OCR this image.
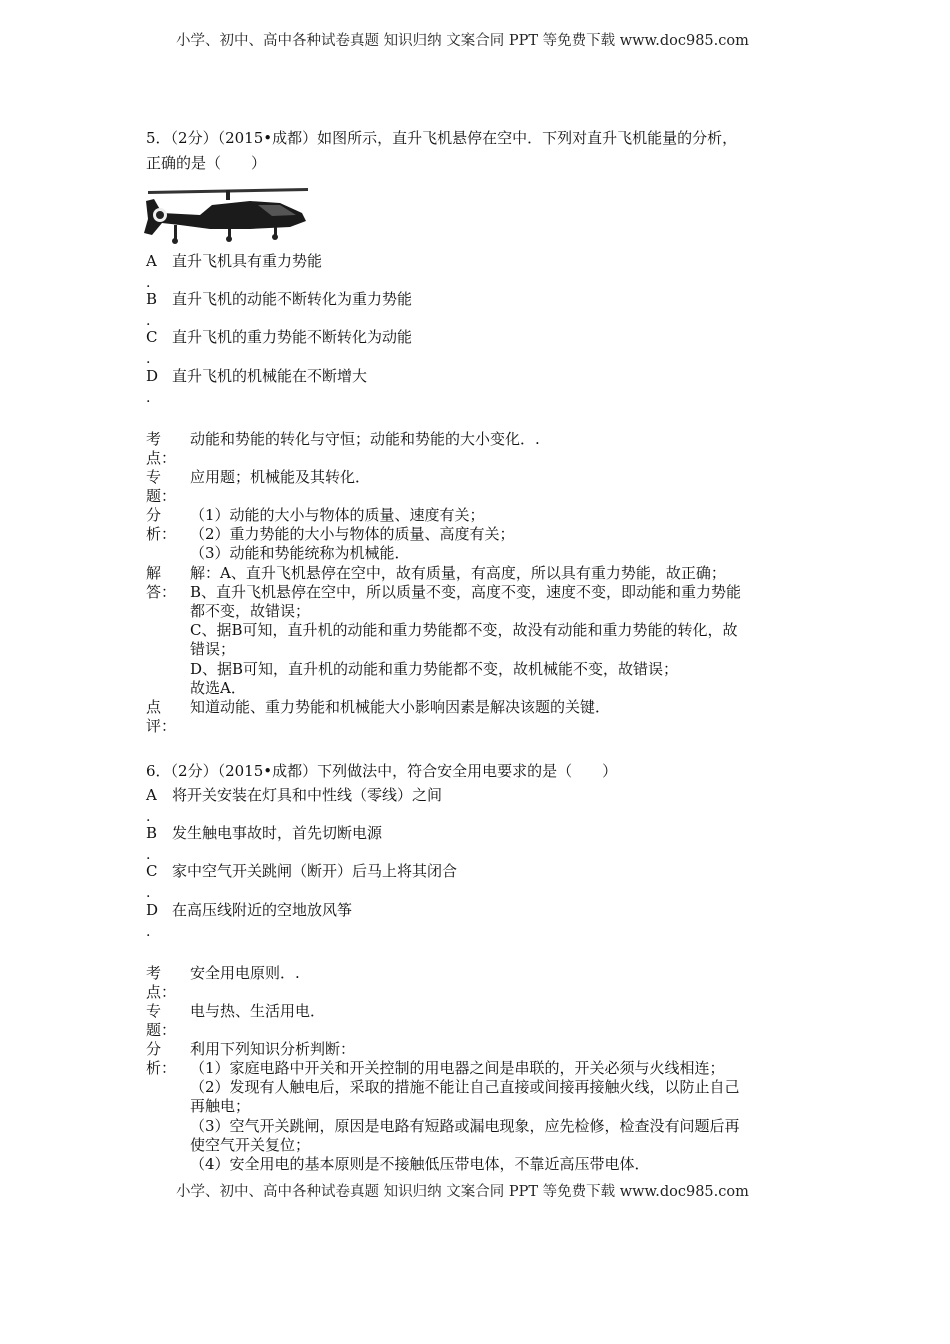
小学、初中、高中各种试卷真题 知识归纳 文案合同 PPT 等免费下载 www.doc985.com
5．（2分）（2015•成都）如图所示，直升飞机悬停在空中．下列对直升飞机能量的分析，
正确的是（　　）
A 直升飞机具有重力势能
.
B 直升飞机的动能不断转化为重力势能
.
C 直升飞机的重力势能不断转化为动能
.
D 直升飞机的机械能在不断增大
.
考
点：
动能和势能的转化与守恒；动能和势能的大小变化．.
专
题：
应用题；机械能及其转化．
分
析：
（1）动能的大小与物体的质量、速度有关；
（2）重力势能的大小与物体的质量、高度有关；
（3）动能和势能统称为机械能．
解
答：
解：A、直升飞机悬停在空中，故有质量，有高度，所以具有重力势能，故正确；
B、直升飞机悬停在空中，所以质量不变，高度不变，速度不变，即动能和重力势能
都不变，故错误；
C、据B可知，直升机的动能和重力势能都不变，故没有动能和重力势能的转化，故
错误；
D、据B可知，直升机的动能和重力势能都不变，故机械能不变，故错误；
故选A．
点
评：
知道动能、重力势能和机械能大小影响因素是解决该题的关键．
6．（2分）（2015•成都）下列做法中，符合安全用电要求的是（　　）
A 将开关安装在灯具和中性线（零线）之间
.
B 发生触电事故时，首先切断电源
.
C 家中空气开关跳闸（断开）后马上将其闭合
.
D 在高压线附近的空地放风筝
.
考
点：
安全用电原则．.
专
题：
电与热、生活用电．
分
析：
利用下列知识分析判断：
（1）家庭电路中开关和开关控制的用电器之间是串联的，开关必须与火线相连；
（2）发现有人触电后，采取的措施不能让自己直接或间接再接触火线，以防止自己
再触电；
（3）空气开关跳闸，原因是电路有短路或漏电现象，应先检修，检查没有问题后再
使空气开关复位；
（4）安全用电的基本原则是不接触低压带电体，不靠近高压带电体．
小学、初中、高中各种试卷真题 知识归纳 文案合同 PPT 等免费下载 www.doc985.com
